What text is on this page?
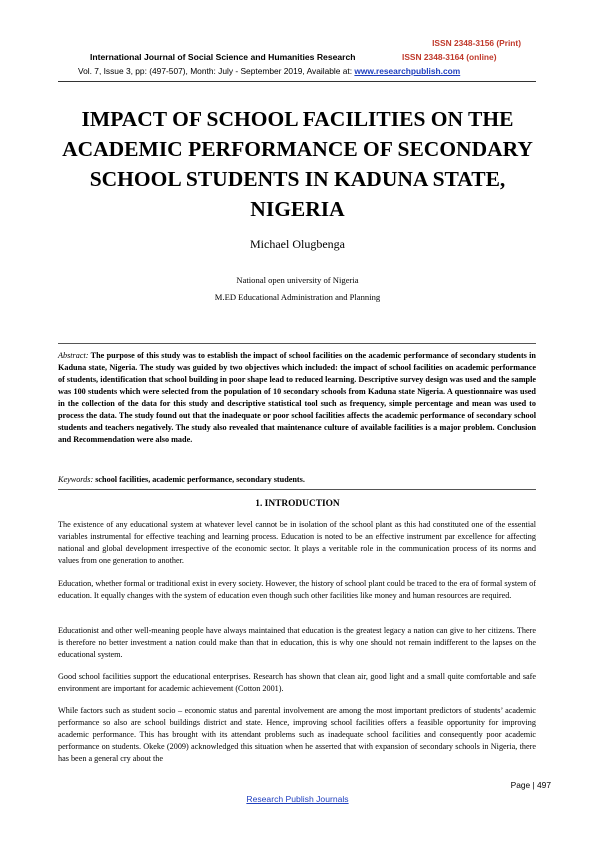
ISSN 2348-3156 (Print)
International Journal of Social Science and Humanities Research	ISSN 2348-3164 (online)
Vol. 7, Issue 3, pp: (497-507), Month: July - September 2019, Available at: www.researchpublish.com
IMPACT OF SCHOOL FACILITIES ON THE ACADEMIC PERFORMANCE OF SECONDARY SCHOOL STUDENTS IN KADUNA STATE, NIGERIA
Michael Olugbenga
National open university of Nigeria
M.ED Educational Administration and Planning
Abstract: The purpose of this study was to establish the impact of school facilities on the academic performance of secondary students in Kaduna state, Nigeria. The study was guided by two objectives which included: the impact of school facilities on academic performance of students, identification that school building in poor shape lead to reduced learning. Descriptive survey design was used and the sample was 100 students which were selected from the population of 10 secondary schools from Kaduna state Nigeria. A questionnaire was used in the collection of the data for this study and descriptive statistical tool such as frequency, simple percentage and mean was used to process the data. The study found out that the inadequate or poor school facilities affects the academic performance of secondary school students and teachers negatively. The study also revealed that maintenance culture of available facilities is a major problem. Conclusion and Recommendation were also made.
Keywords: school facilities, academic performance, secondary students.
1. INTRODUCTION
The existence of any educational system at whatever level cannot be in isolation of the school plant as this had constituted one of the essential variables instrumental for effective teaching and learning process. Education is noted to be an effective instrument par excellence for affecting national and global development irrespective of the economic sector. It plays a veritable role in the communication process of its norms and values from one generation to another.
Education, whether formal or traditional exist in every society. However, the history of school plant could be traced to the era of formal system of education. It equally changes with the system of education even though such other facilities like money and human resources are required.
Educationist and other well-meaning people have always maintained that education is the greatest legacy a nation can give to her citizens. There is therefore no better investment a nation could make than that in education, this is why one should not remain indifferent to the lapses on the educational system.
Good school facilities support the educational enterprises. Research has shown that clean air, good light and a small quite comfortable and safe environment are important for academic achievement (Cotton 2001).
While factors such as student socio – economic status and parental involvement are among the most important predictors of students’ academic performance so also are school buildings district and state. Hence, improving school facilities offers a feasible opportunity for improving academic performance. This has brought with its attendant problems such as inadequate school facilities and consequently poor academic performance on students. Okeke (2009) acknowledged this situation when he asserted that with expansion of secondary schools in Nigeria, there has been a general cry about the
Page | 497
Research Publish Journals
